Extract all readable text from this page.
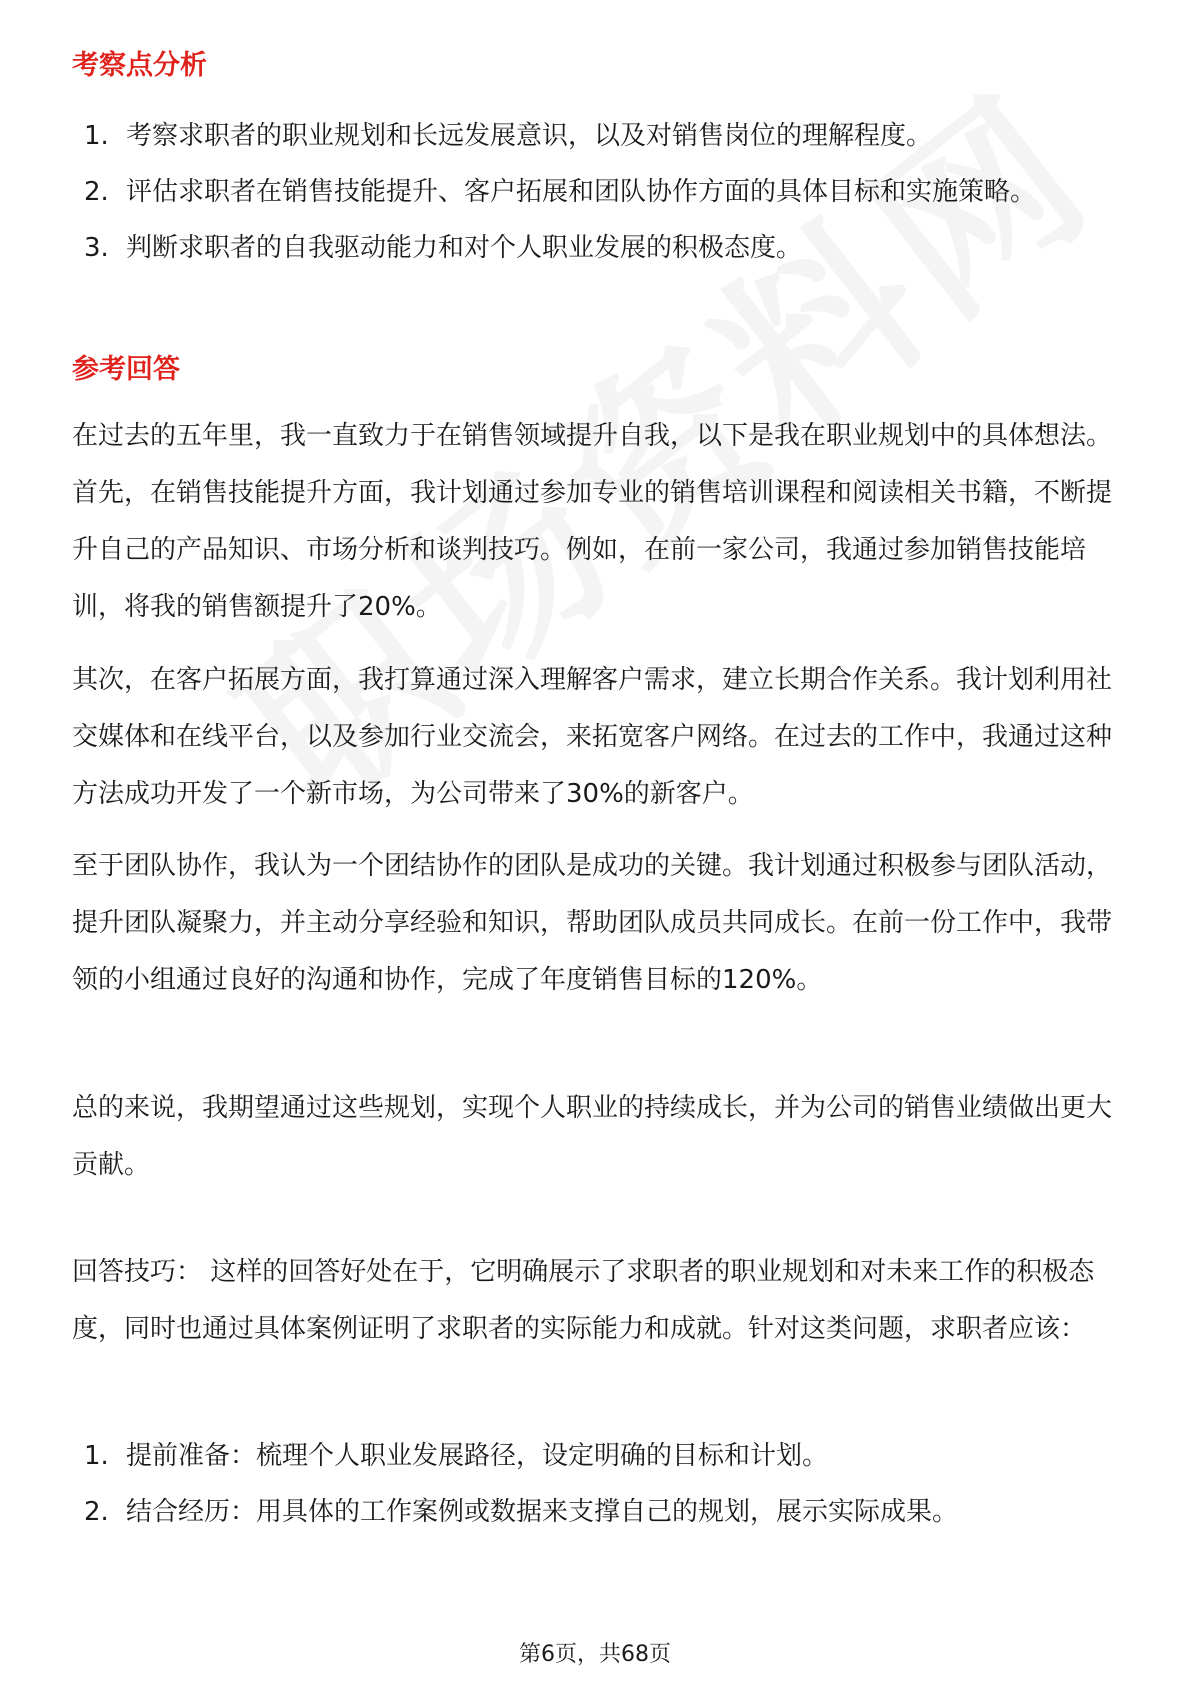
考察点分析
1. 考察求职者的职业规划和长远发展意识，以及对销售岗位的理解程度。
2. 评估求职者在销售技能提升、客户拓展和团队协作方面的具体目标和实施策略。
3. 判断求职者的自我驱动能力和对个人职业发展的积极态度。
参考回答

在过去的五年里，我一直致力于在销售领域提升自我，以下是我在职业规划中的具体想法。首先，在销售技能提升方面，我计划通过参加专业的销售培训课程和阅读相关书籍，不断提升自己的产品知识、市场分析和谈判技巧。例如，在前一家公司，我通过参加销售技能培训，将我的销售额提升了20%。

其次，在客户拓展方面，我打算通过深入理解客户需求，建立长期合作关系。我计划利用社交媒体和在线平台，以及参加行业交流会，来拓宽客户网络。在过去的工作中，我通过这种方法成功开发了一个新市场，为公司带来了30%的新客户。

至于团队协作，我认为一个团结协作的团队是成功的关键。我计划通过积极参与团队活动，提升团队凝聚力，并主动分享经验和知识，帮助团队成员共同成长。在前一份工作中，我带领的小组通过良好的沟通和协作，完成了年度销售目标的120%。

总的来说，我期望通过这些规划，实现个人职业的持续成长，并为公司的销售业绩做出更大贡献。

回答技巧： 这样的回答好处在于，它明确展示了求职者的职业规划和对未来工作的积极态度，同时也通过具体案例证明了求职者的实际能力和成就。针对这类问题，求职者应该：

1. 提前准备：梳理个人职业发展路径，设定明确的目标和计划。
2. 结合经历：用具体的工作案例或数据来支撑自己的规划，展示实际成果。
第6页，共68页
